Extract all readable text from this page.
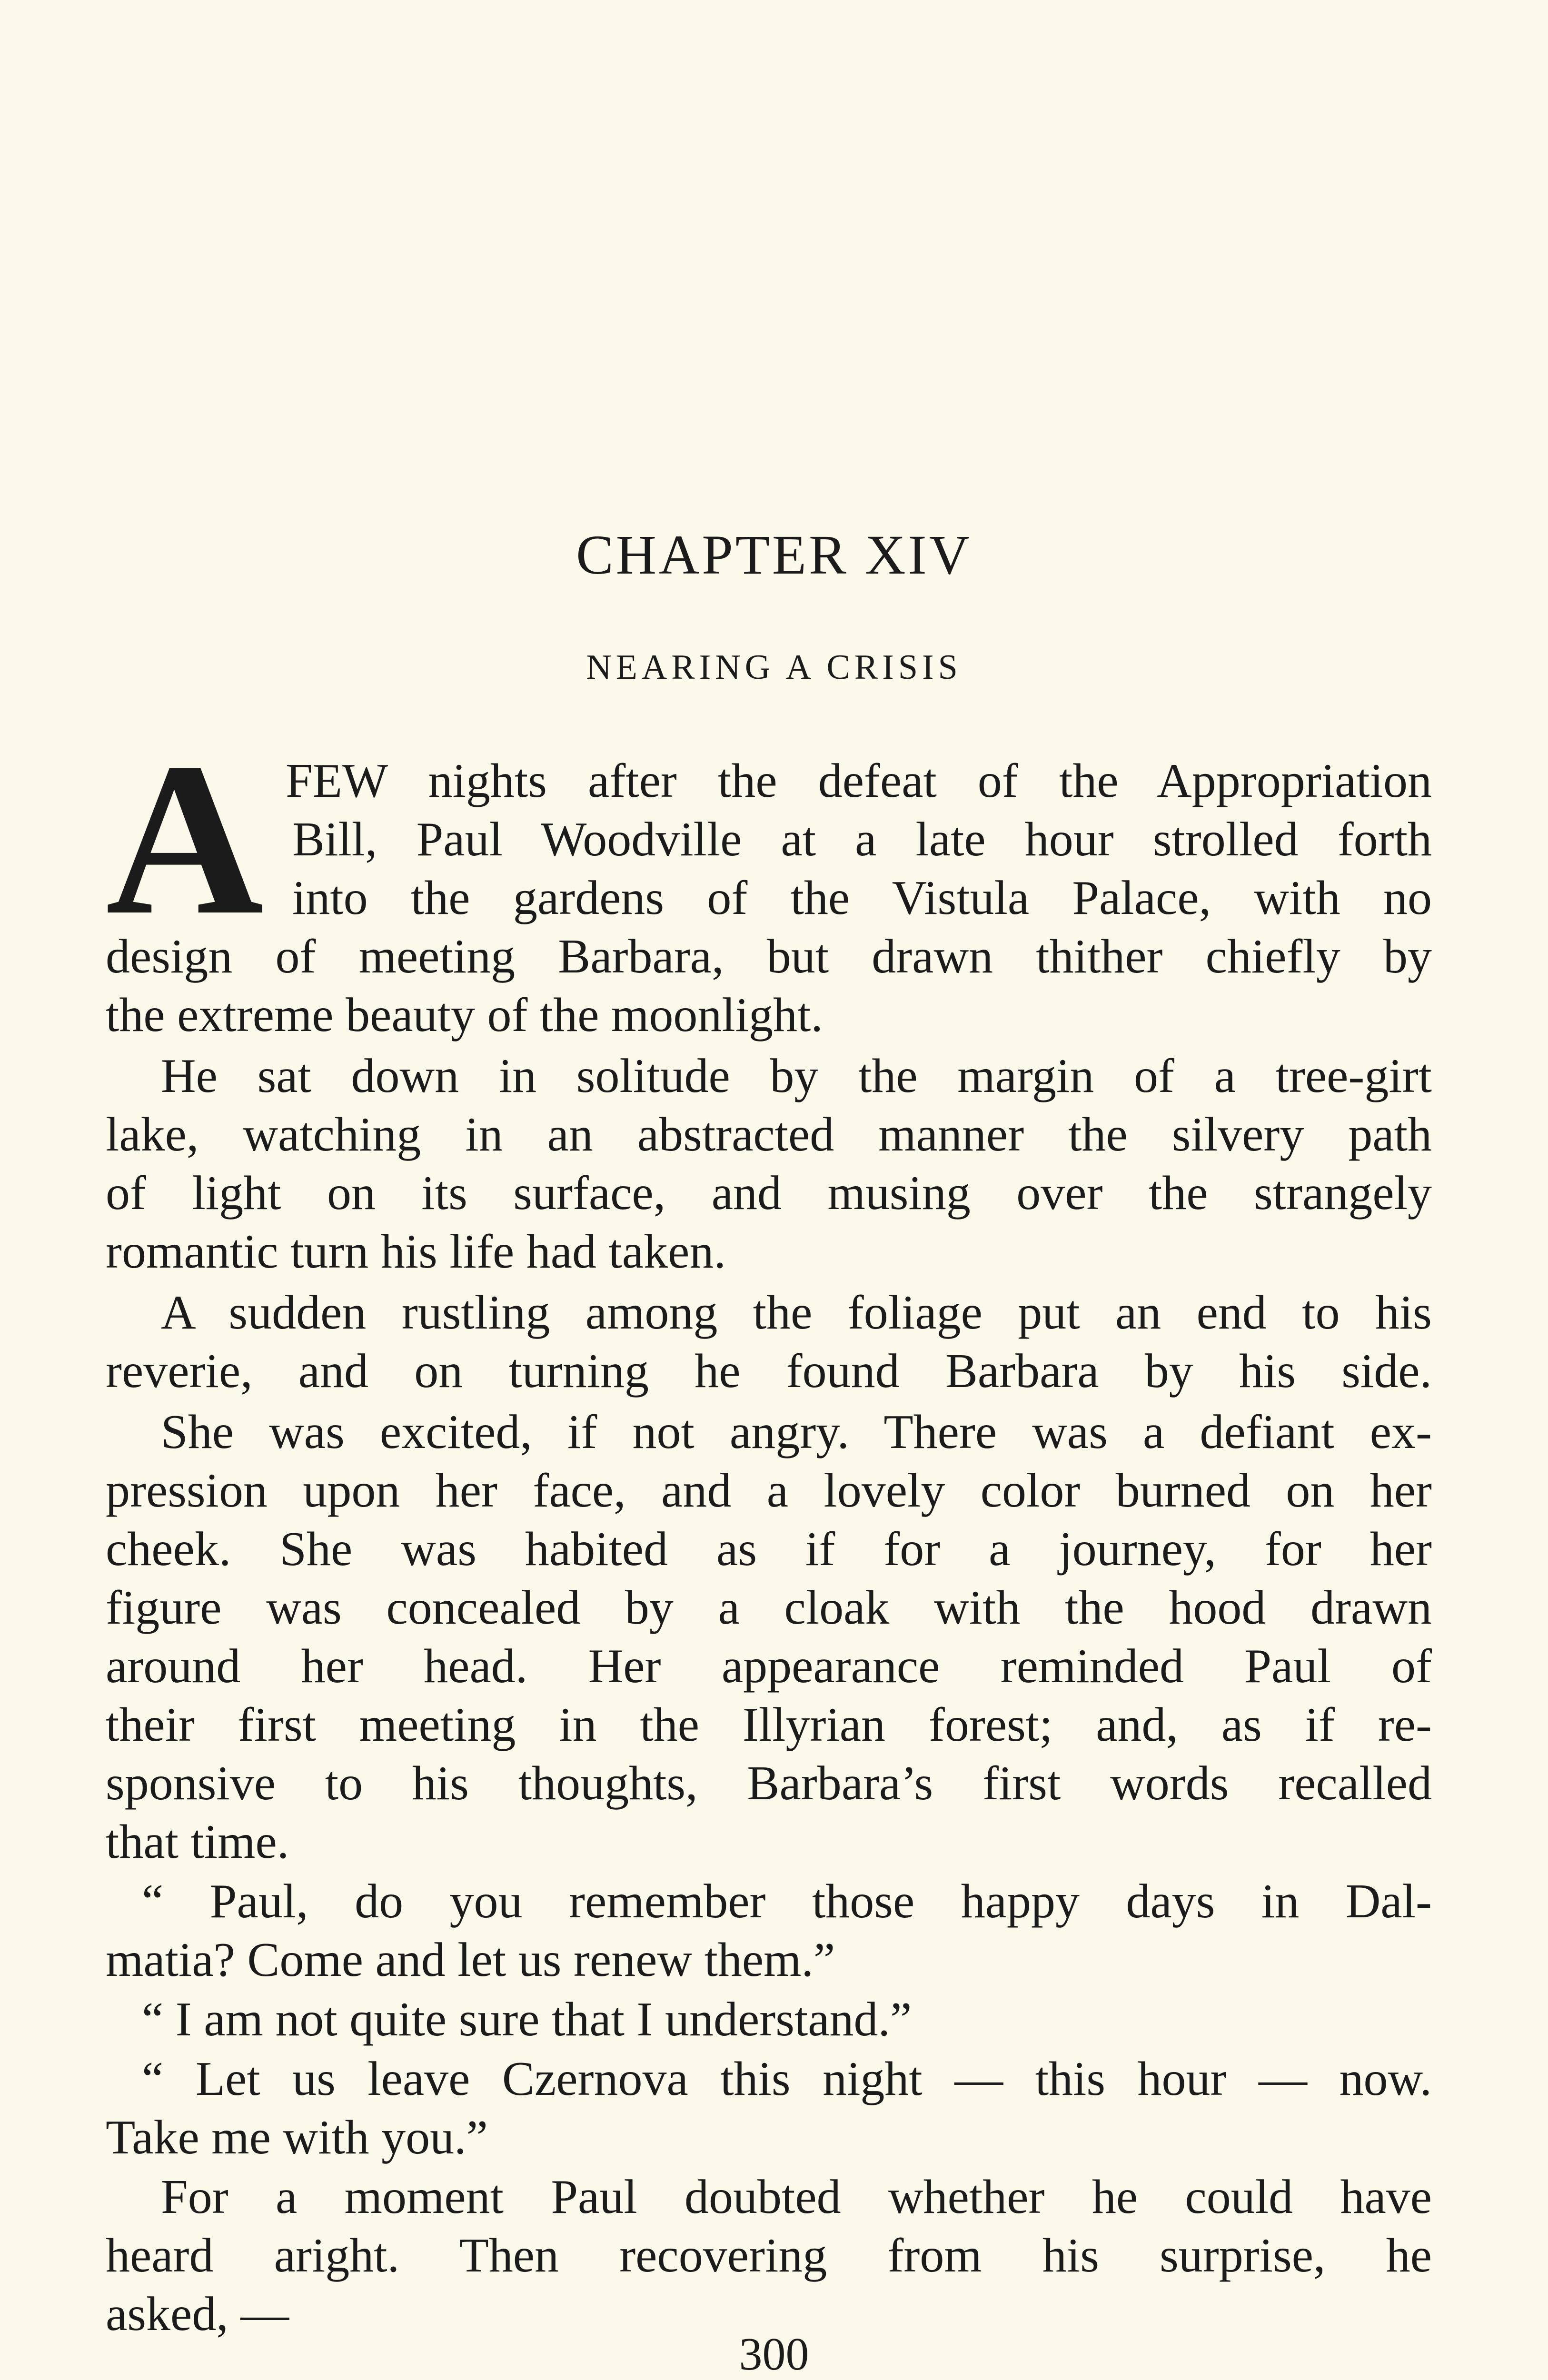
CHAPTER XIV
NEARING A CRISIS
A FEW nights after the defeat of the Appropriation

Bill, Paul Woodville at a late hour strolled forth

into the gardens of the Vistula Palace, with no

design of meeting Barbara, but drawn thither chiefly by

the extreme beauty of the moonlight.

He sat down in solitude by the margin of a tree-girt

lake, watching in an abstracted manner the silvery path

of light on its surface, and musing over the strangely

romantic turn his life had taken.

A sudden rustling among the foliage put an end to his

reverie, and on turning he found Barbara by his side.

She was excited, if not angry. There was a defiant ex-

pression upon her face, and a lovely color burned on her

cheek. She was habited as if for a journey, for her

figure was concealed by a cloak with the hood drawn

around her head. Her appearance reminded Paul of

their first meeting in the Illyrian forest; and, as if re-

sponsive to his thoughts, Barbara’s first words recalled

that time.

“ Paul, do you remember those happy days in Dal-

matia? Come and let us renew them.”

“ I am not quite sure that I understand.”

“ Let us leave Czernova this night — this hour — now.

Take me with you.”

For a moment Paul doubted whether he could have

heard aright. Then recovering from his surprise, he

asked, —

300
